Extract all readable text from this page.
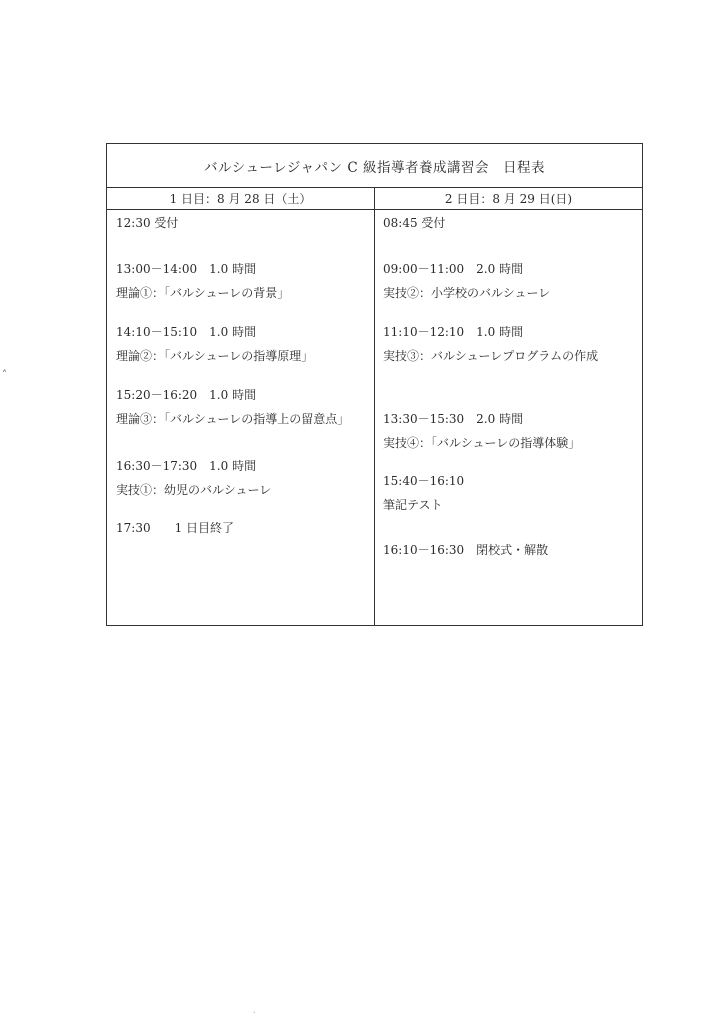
˄
バルシューレジャパン C 級指導者養成講習会　日程表
1 日目：8 月 28 日（土）	2 日目：8 月 29 日(日)
12:30 受付
13:00－14:00　1.0 時間
理論①：「バルシューレの背景」
14:10－15:10　1.0 時間
理論②：「バルシューレの指導原理」
15:20－16:20　1.0 時間
理論③：「バルシューレの指導上の留意点」
16:30－17:30　1.0 時間
実技①：幼児のバルシューレ
17:30　　1 日目終了
08:45 受付
09:00－11:00　2.0 時間
実技②：小学校のバルシューレ
11:10－12:10　1.0 時間
実技③：バルシューレプログラムの作成
13:30－15:30　2.0 時間
実技④：「バルシューレの指導体験」
15:40－16:10
筆記テスト
16:10－16:30　閉校式・解散
ˎ
